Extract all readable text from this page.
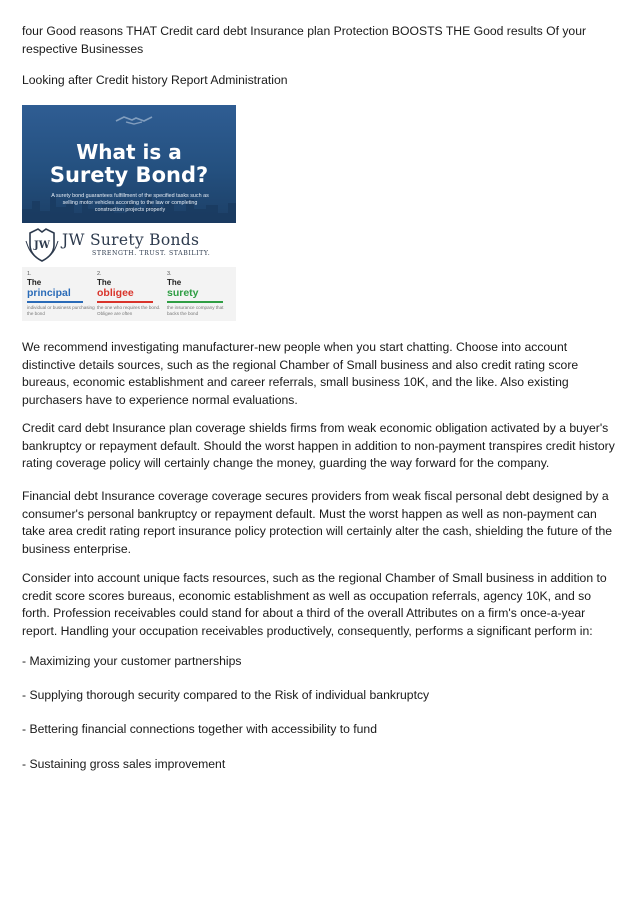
four Good reasons THAT Credit card debt Insurance plan Protection BOOSTS THE Good results Of your respective Businesses
Looking after Credit history Report Administration
What is a
Surety Bond?
A surety bond guarantees fulfillment of the specified tasks such as selling motor vehicles according to the law or completing construction projects properly
JW JW Surety Bonds
STRENGTH. TRUST. STABILITY.
1.
The
principal
individual or business purchasing the bond
2.
The
obligee
the one who requires the bond. Obligee are often
3.
The
surety
the insurance company that backs the bond

We recommend investigating manufacturer-new people when you start chatting. Choose into account distinctive details sources, such as the regional Chamber of Small business and also credit rating score bureaus, economic establishment and career referrals, small business 10K, and the like. Also existing purchasers have to experience normal evaluations.

Credit card debt Insurance plan coverage shields firms from weak economic obligation activated by a buyer's bankruptcy or repayment default. Should the worst happen in addition to non-payment transpires credit history rating coverage policy will certainly change the money, guarding the way forward for the company.

Financial debt Insurance coverage coverage secures providers from weak fiscal personal debt designed by a consumer's personal bankruptcy or repayment default. Must the worst happen as well as non-payment can take area credit rating report insurance policy protection will certainly alter the cash, shielding the future of the business enterprise.

Consider into account unique facts resources, such as the regional Chamber of Small business in addition to credit score scores bureaus, economic establishment as well as occupation referrals, agency 10K, and so forth. Profession receivables could stand for about a third of the overall Attributes on a firm's once-a-year report. Handling your occupation receivables productively, consequently, performs a significant perform in:

- Maximizing your customer partnerships

- Supplying thorough security compared to the Risk of individual bankruptcy

- Bettering financial connections together with accessibility to fund

- Sustaining gross sales improvement
